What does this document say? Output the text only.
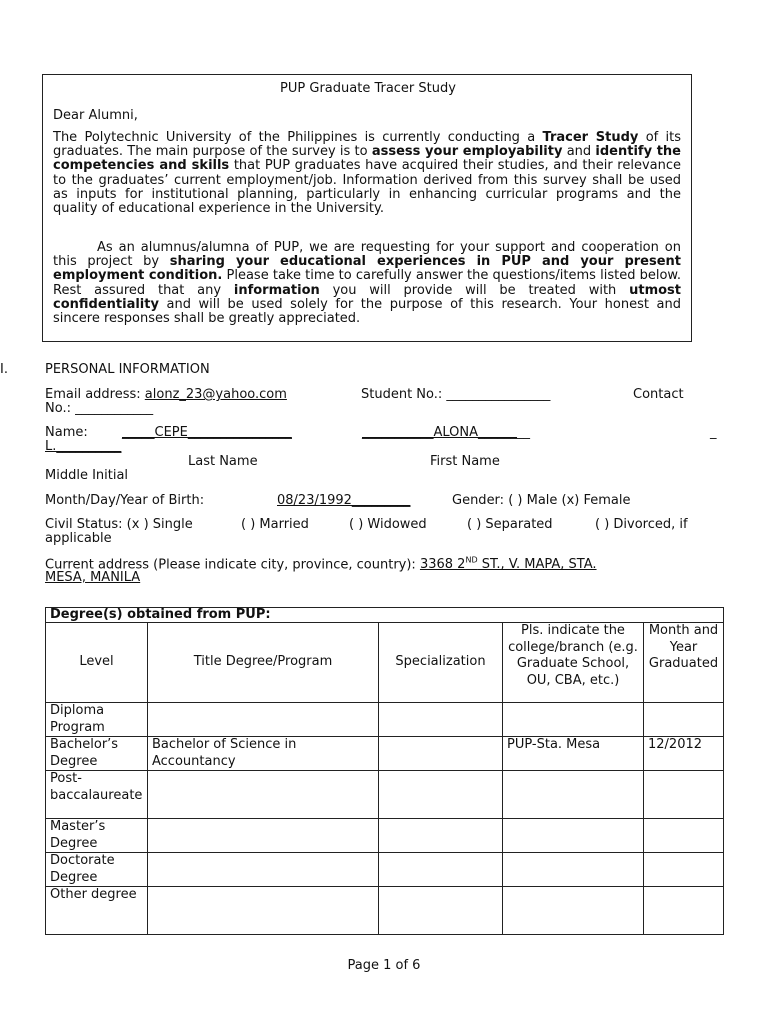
PUP Graduate Tracer Study
Dear Alumni,
The Polytechnic University of the Philippines is currently conducting a Tracer Study of its graduates. The main purpose of the survey is to assess your employability and identify the competencies and skills that PUP graduates have acquired their studies, and their relevance to the graduates’ current employment/job. Information derived from this survey shall be used as inputs for institutional planning, particularly in enhancing curricular programs and the quality of educational experience in the University.
As an alumnus/alumna of PUP, we are requesting for your support and cooperation on this project by sharing your educational experiences in PUP and your present employment condition. Please take time to carefully answer the questions/items listed below. Rest assured that any information you will provide will be treated with utmost confidentiality and will be used solely for the purpose of this research. Your honest and sincere responses shall be greatly appreciated.
I.	PERSONAL INFORMATION
Email address: alonz_23@yahoo.com	Student No.: ________________	Contact
No.: ____________
Name:	_____CEPE________________	___________ALONA________	_
L.__________
Last Name	First Name
Middle Initial
Month/Day/Year of Birth:	08/23/1992_________	Gender: ( ) Male (x) Female
Civil Status: (x ) Single	( ) Married	( ) Widowed	( ) Separated	( ) Divorced, if
applicable
Current address (Please indicate city, province, country): 3368 2ND ST., V. MAPA, STA.
MESA, MANILA
Degree(s) obtained from PUP:				
Level	Title Degree/Program	Specialization	Pls. indicate the college/branch (e.g. Graduate School, OU, CBA, etc.)	Month and Year Graduated
Diploma Program				
Bachelor’s Degree	Bachelor of Science in Accountancy		PUP-Sta. Mesa	12/2012
Post-baccalaureate				
Master’s Degree				
Doctorate Degree				
Other degree				
Page 1 of 6
